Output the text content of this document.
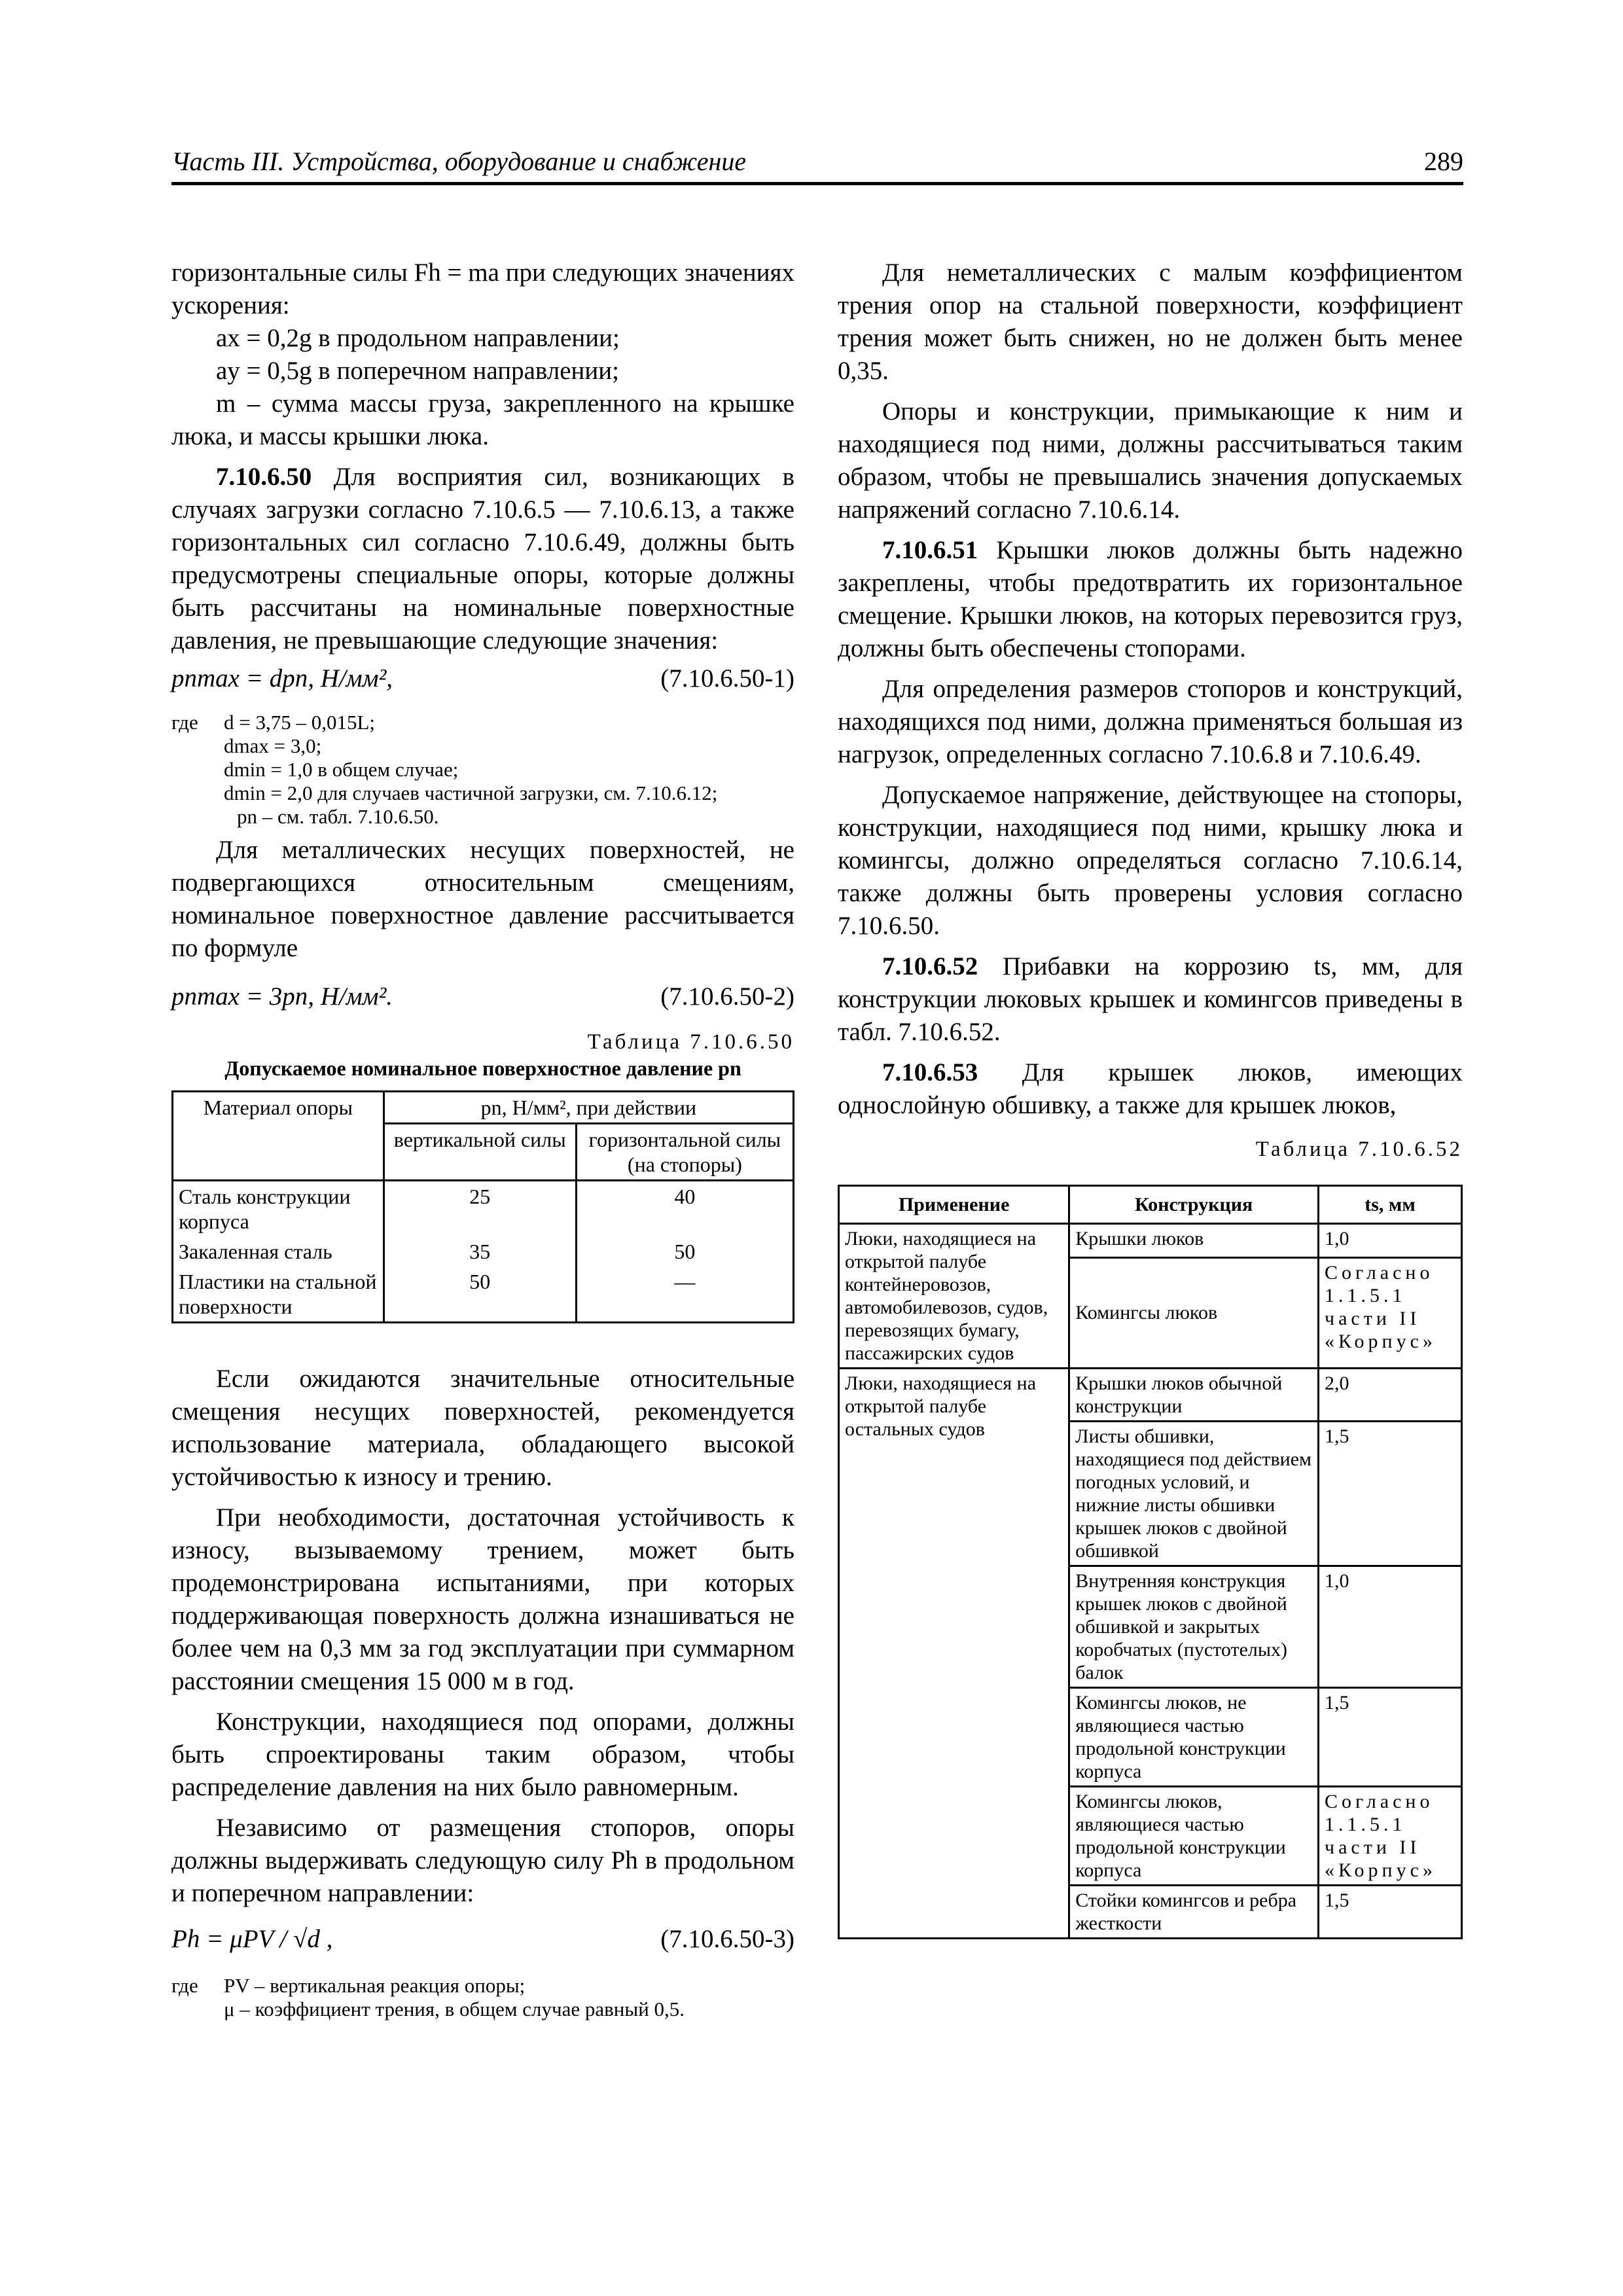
Часть III. Устройства, оборудование и снабжение	289

горизонтальные силы Fh = ma при следующих значениях ускорения:

ax = 0,2g в продольном направлении;

ay = 0,5g в поперечном направлении;

m – сумма массы груза, закрепленного на крышке люка, и массы крышки люка.

7.10.6.50 Для восприятия сил, возникающих в случаях загрузки согласно 7.10.6.5 — 7.10.6.13, а также горизонтальных сил согласно 7.10.6.49, должны быть предусмотрены специальные опоры, которые должны быть рассчитаны на номинальные поверхностные давления, не превышающие следующие значения:

pnmax = dpn, Н/мм²,	(7.10.6.50-1)
где	d = 3,75 – 0,015L;
dmax = 3,0;
dmin = 1,0 в общем случае;
dmin = 2,0 для случаев частичной загрузки, см. 7.10.6.12;
pn – см. табл. 7.10.6.50.

Для металлических несущих поверхностей, не подвергающихся относительным смещениям, номинальное поверхностное давление рассчитывается по формуле

pnmax = 3pn, Н/мм².	(7.10.6.50-2)
Таблица 7.10.6.50
Допускаемое номинальное поверхностное давление pn
Материал опоры	pn, Н/мм², при действии	
	вертикальной силы	горизонтальной силы (на стопоры)
Сталь конструкции корпуса	25	40
Закаленная сталь	35	50
Пластики на стальной поверхности	50	—

Если ожидаются значительные относительные смещения несущих поверхностей, рекомендуется использование материала, обладающего высокой устойчивостью к износу и трению.

При необходимости, достаточная устойчивость к износу, вызываемому трением, может быть продемонстрирована испытаниями, при которых поддерживающая поверхность должна изнашиваться не более чем на 0,3 мм за год эксплуатации при суммарном расстоянии смещения 15 000 м в год.

Конструкции, находящиеся под опорами, должны быть спроектированы таким образом, чтобы распределение давления на них было равномерным.

Независимо от размещения стопоров, опоры должны выдерживать следующую силу Ph в продольном и поперечном направлении:

Ph = μPV / √d ,	(7.10.6.50-3)
где	PV – вертикальная реакция опоры;
μ – коэффициент трения, в общем случае равный 0,5.

Для неметаллических с малым коэффициентом трения опор на стальной поверхности, коэффициент трения может быть снижен, но не должен быть менее 0,35.

Опоры и конструкции, примыкающие к ним и находящиеся под ними, должны рассчитываться таким образом, чтобы не превышались значения допускаемых напряжений согласно 7.10.6.14.

7.10.6.51 Крышки люков должны быть надежно закреплены, чтобы предотвратить их горизонтальное смещение. Крышки люков, на которых перевозится груз, должны быть обеспечены стопорами.

Для определения размеров стопоров и конструкций, находящихся под ними, должна применяться большая из нагрузок, определенных согласно 7.10.6.8 и 7.10.6.49.

Допускаемое напряжение, действующее на стопоры, конструкции, находящиеся под ними, крышку люка и комингсы, должно определяться согласно 7.10.6.14, также должны быть проверены условия согласно 7.10.6.50.

7.10.6.52 Прибавки на коррозию ts, мм, для конструкции люковых крышек и комингсов приведены в табл. 7.10.6.52.

7.10.6.53 Для крышек люков, имеющих однослойную обшивку, а также для крышек люков,

Таблица 7.10.6.52
Применение	Конструкция	ts, мм
Люки, находящиеся на открытой палубе контейнеровозов, автомобилевозов, судов, перевозящих бумагу, пассажирских судов	Крышки люков	1,0
	Комингсы люков	Согласно 1.1.5.1 части II «Корпус»
Люки, находящиеся на открытой палубе остальных судов	Крышки люков обычной конструкции	2,0
	Листы обшивки, находящиеся под действием погодных условий, и нижние листы обшивки крышек люков с двойной обшивкой	1,5
	Внутренняя конструкция крышек люков с двойной обшивкой и закрытых коробчатых (пустотелых) балок	1,0
	Комингсы люков, не являющиеся частью продольной конструкции корпуса	1,5
	Комингсы люков, являющиеся частью продольной конструкции корпуса	Согласно 1.1.5.1 части II «Корпус»
	Стойки комингсов и ребра жесткости	1,5
